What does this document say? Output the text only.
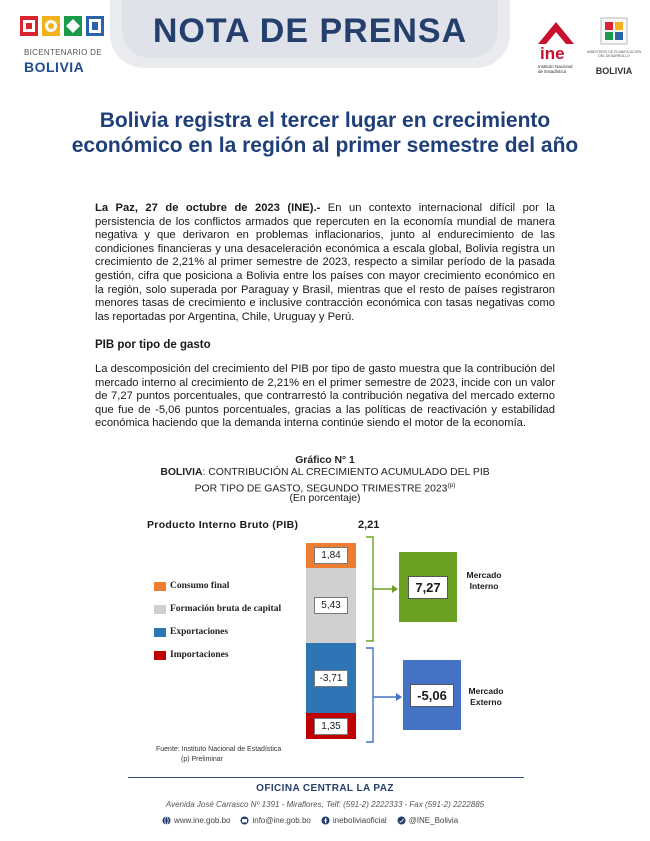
BICENTENARIO DE
BOLIVIA
NOTA DE PRENSA
ine
Instituto Nacional de Estadística
MINISTERIO DE PLANIFICACIÓN DEL DESARROLLO
BOLIVIA
Bolivia registra el tercer lugar en crecimiento económico en la región al primer semestre del año
La Paz, 27 de octubre de 2023 (INE).- En un contexto internacional difícil por la persistencia de los conflictos armados que repercuten en la economía mundial de manera negativa y que derivaron en problemas inflacionarios, junto al endurecimiento de las condiciones financieras y una desaceleración económica a escala global, Bolivia registra un crecimiento de 2,21% al primer semestre de 2023, respecto a similar período de la pasada gestión, cifra que posiciona a Bolivia entre los países con mayor crecimiento económico en la región, solo superada por Paraguay y Brasil, mientras que el resto de países registraron menores tasas de crecimiento e inclusive contracción económica con tasas negativas como las reportadas por Argentina, Chile, Uruguay y Perú.
PIB por tipo de gasto
La descomposición del crecimiento del PIB por tipo de gasto muestra que la contribución del mercado interno al crecimiento de 2,21% en el primer semestre de 2023, incide con un valor de 7,27 puntos porcentuales, que contrarrestó la contribución negativa del mercado externo que fue de -5,06 puntos porcentuales, gracias a las políticas de reactivación y estabilidad económica haciendo que la demanda interna continúe siendo el motor de la economía.
Gráfico N° 1
BOLIVIA: CONTRIBUCIÓN AL CRECIMIENTO ACUMULADO DEL PIB
POR TIPO DE GASTO, SEGUNDO TRIMESTRE 2023$^{(p)}$
(En porcentaje)
Producto Interno Bruto (PIB)	2,21
Consumo final
Formación bruta de capital
Exportaciones
Importaciones
1,84
5,43
-3,71
1,35
7,27
Mercado
Interno
-5,06	Mercado
Externo
Fuente: Instituto Nacional de Estadística
(p) Preliminar
OFICINA CENTRAL LA PAZ
Avenida José Carrasco Nº 1391 - Miraflores, Telf: (591-2) 2222333 - Fax (591-2) 2222885
www.ine.gob.bo	info@ine.gob.bo	ineboliviaoficial	@INE_Bolivia
